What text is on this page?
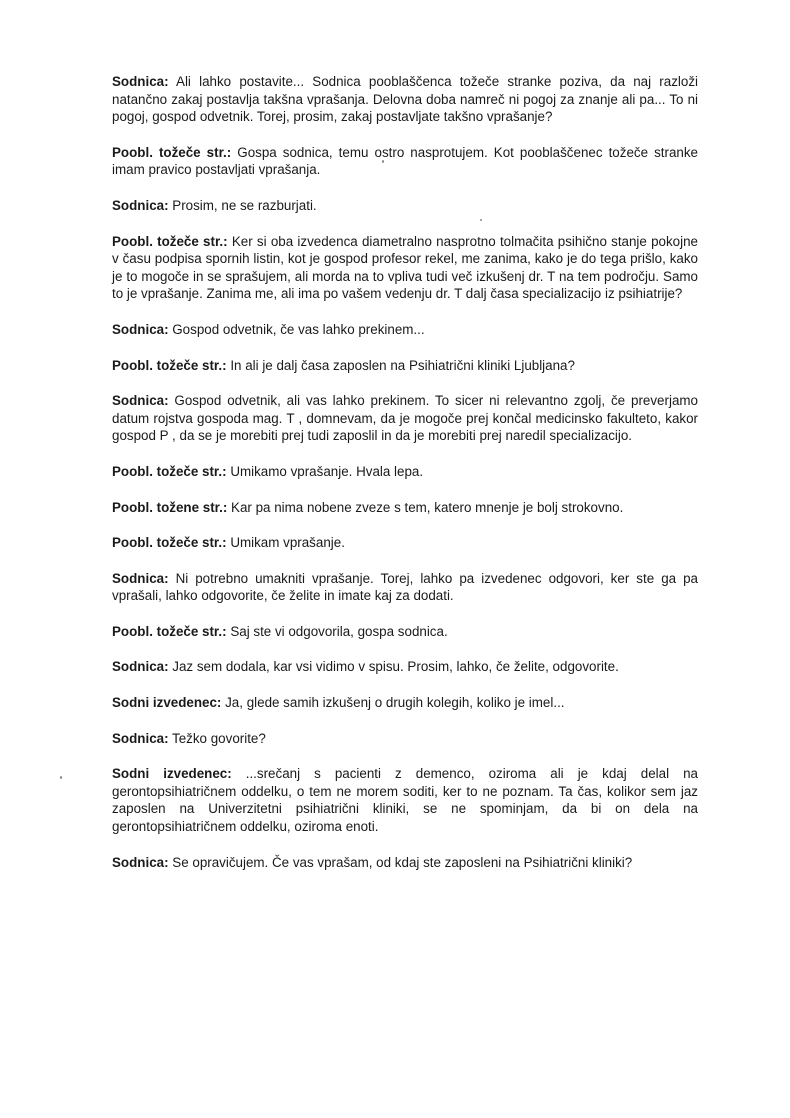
Sodnica: Ali lahko postavite... Sodnica pooblaščenca tožeče stranke poziva, da naj razloži natančno zakaj postavlja takšna vprašanja. Delovna doba namreč ni pogoj za znanje ali pa... To ni pogoj, gospod odvetnik. Torej, prosim, zakaj postavljate takšno vprašanje?

Poobl. tožeče str.: Gospa sodnica, temu ostro nasprotujem. Kot pooblaščenec tožeče stranke imam pravico postavljati vprašanja.

Sodnica: Prosim, ne se razburjati.

Poobl. tožeče str.: Ker si oba izvedenca diametralno nasprotno tolmačita psihično stanje pokojne v času podpisa spornih listin, kot je gospod profesor rekel, me zanima, kako je do tega prišlo, kako je to mogoče in se sprašujem, ali morda na to vpliva tudi več izkušenj dr. T na tem področju. Samo to je vprašanje. Zanima me, ali ima po vašem vedenju dr. T dalj časa specializacijo iz psihiatrije?

Sodnica: Gospod odvetnik, če vas lahko prekinem...

Poobl. tožeče str.: In ali je dalj časa zaposlen na Psihiatrični kliniki Ljubljana?

Sodnica: Gospod odvetnik, ali vas lahko prekinem. To sicer ni relevantno zgolj, če preverjamo datum rojstva gospoda mag. T , domnevam, da je mogoče prej končal medicinsko fakulteto, kakor gospod P , da se je morebiti prej tudi zaposlil in da je morebiti prej naredil specializacijo.

Poobl. tožeče str.: Umikamo vprašanje. Hvala lepa.

Poobl. tožene str.: Kar pa nima nobene zveze s tem, katero mnenje je bolj strokovno.

Poobl. tožeče str.: Umikam vprašanje.

Sodnica: Ni potrebno umakniti vprašanje. Torej, lahko pa izvedenec odgovori, ker ste ga pa vprašali, lahko odgovorite, če želite in imate kaj za dodati.

Poobl. tožeče str.: Saj ste vi odgovorila, gospa sodnica.

Sodnica: Jaz sem dodala, kar vsi vidimo v spisu. Prosim, lahko, če želite, odgovorite.

Sodni izvedenec: Ja, glede samih izkušenj o drugih kolegih, koliko je imel...

Sodnica: Težko govorite?

Sodni izvedenec: ...srečanj s pacienti z demenco, oziroma ali je kdaj delal na gerontopsihiatričnem oddelku, o tem ne morem soditi, ker to ne poznam. Ta čas, kolikor sem jaz zaposlen na Univerzitetni psihiatrični kliniki, se ne spominjam, da bi on dela na gerontopsihiatričnem oddelku, oziroma enoti.

Sodnica: Se opravičujem. Če vas vprašam, od kdaj ste zaposleni na Psihiatrični kliniki?
